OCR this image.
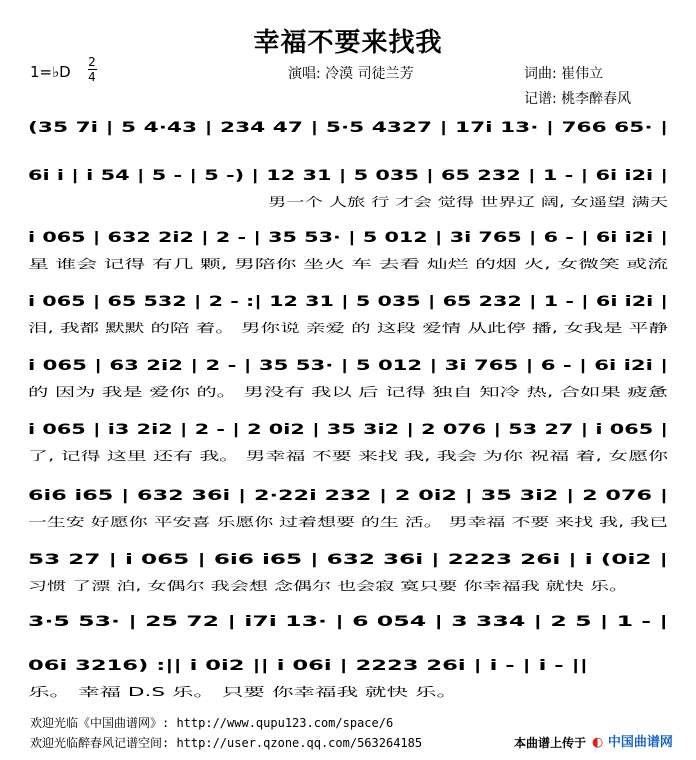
幸福不要来找我
1=♭D
2
4	演唱: 冷漠 司徒兰芳	词曲: 崔伟立
记谱: 桃李醉春风
(35 7i | 5 4·43 | 234 47 | 5·5 4327 | 17i 13· | 766 65· |
6i i | i 54 | 5 - | 5 -) | 12 31 | 5 035 | 65 232 | 1 - | 6i i2i |
男一个 人旅 行 才会 觉得 世界辽 阔, 女遥望 满天
i 065 | 632 2i2 | 2 - | 35 53· | 5 012 | 3i 765 | 6 - | 6i i2i |
星 谁会 记得 有几 颗, 男陪你 坐火 车 去看 灿烂 的烟 火, 女微笑 或流
i 065 | 65 532 | 2 - :| 12 31 | 5 035 | 65 232 | 1 - | 6i i2i |
泪, 我都 默默 的陪 着。 男你说 亲爱 的 这段 爱情 从此停 播, 女我是 平静
i 065 | 63 2i2 | 2 - | 35 53· | 5 012 | 3i 765 | 6 - | 6i i2i |
的 因为 我是 爱你 的。 男没有 我以 后 记得 独自 知冷 热, 合如果 疲惫
i 065 | i3 2i2 | 2 - | 2 0i2 | 35 3i2 | 2 076 | 53 27 | i 065 |
了, 记得 这里 还有 我。 男幸福 不要 来找 我, 我会 为你 祝福 着, 女愿你
6i6 i65 | 632 36i | 2·22i 232 | 2 0i2 | 35 3i2 | 2 076 |
一生安 好愿你 平安喜 乐愿你 过着想要 的生 活。 男幸福 不要 来找 我, 我已
53 27 | i 065 | 6i6 i65 | 632 36i | 2223 26i | i (0i2 |
习惯 了漂 泊, 女偶尔 我会想 念偶尔 也会寂 寞只要 你幸福我 就快 乐。
3·5 53· | 25 72 | i7i 13· | 6 054 | 3 334 | 2 5 | 1 - |
06i 3216) :|| i 0i2 || i 06i | 2223 26i | i - | i - ||
乐。 幸福 D.S 乐。 只要 你幸福我 就快 乐。
欢迎光临《中国曲谱网》: http://www.qupu123.com/space/6
欢迎光临醉春风记谱空间: http://user.qzone.qq.com/563264185	本曲谱上传于 ◐ 中国曲谱网
